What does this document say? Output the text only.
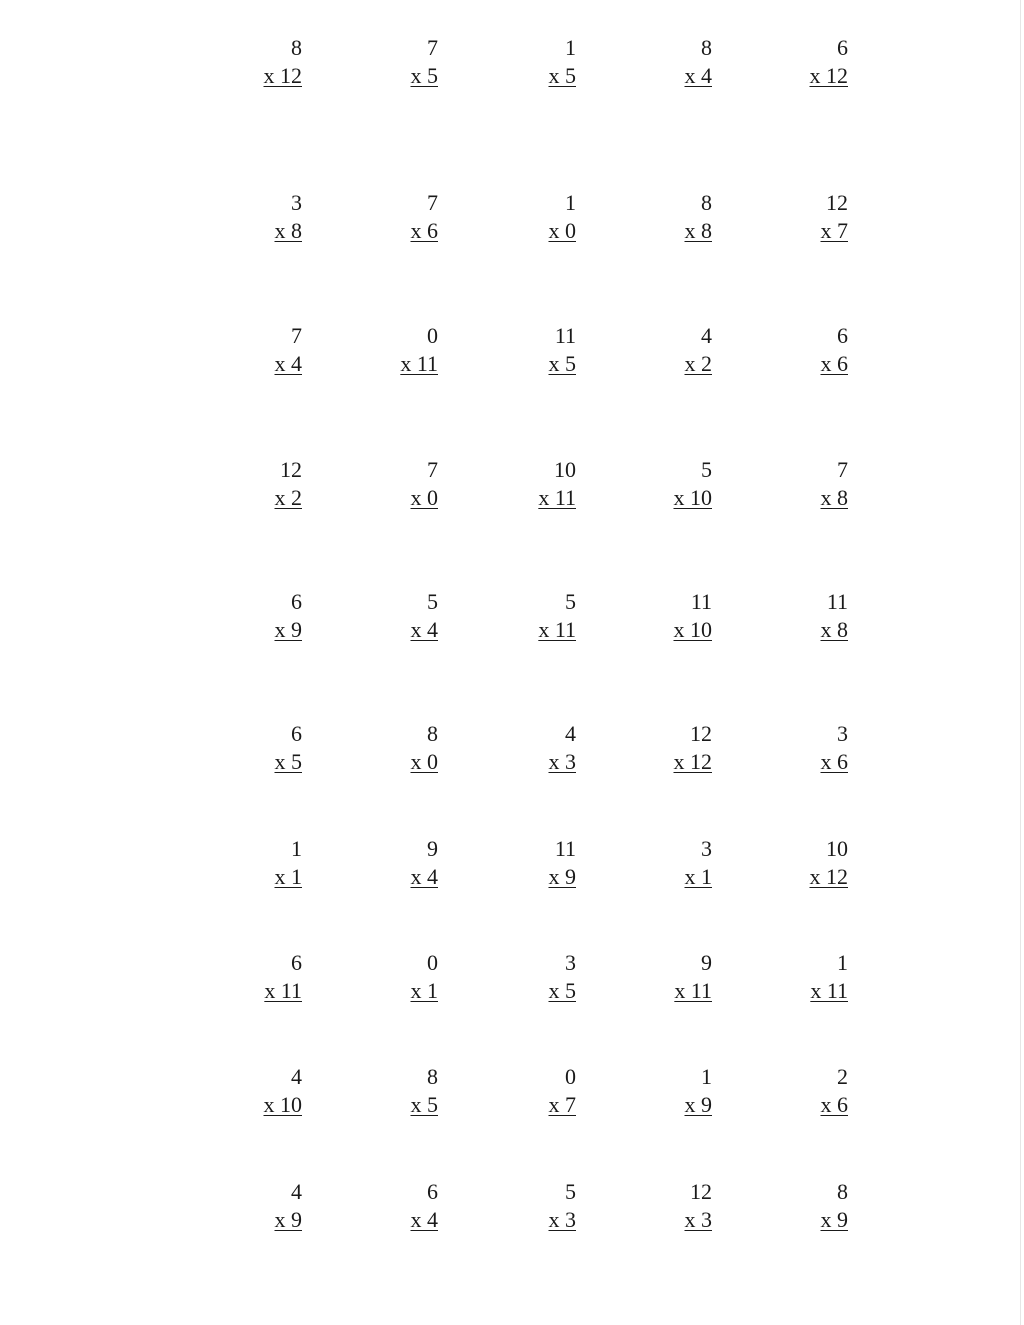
8
x 12
7
x 5
1
x 5
8
x 4
6
x 12
3
x 8
7
x 6
1
x 0
8
x 8
12
x 7
7
x 4
0
x 11
11
x 5
4
x 2
6
x 6
12
x 2
7
x 0
10
x 11
5
x 10
7
x 8
6
x 9
5
x 4
5
x 11
11
x 10
11
x 8
6
x 5
8
x 0
4
x 3
12
x 12
3
x 6
1
x 1
9
x 4
11
x 9
3
x 1
10
x 12
6
x 11
0
x 1
3
x 5
9
x 11
1
x 11
4
x 10
8
x 5
0
x 7
1
x 9
2
x 6
4
x 9
6
x 4
5
x 3
12
x 3
8
x 9
